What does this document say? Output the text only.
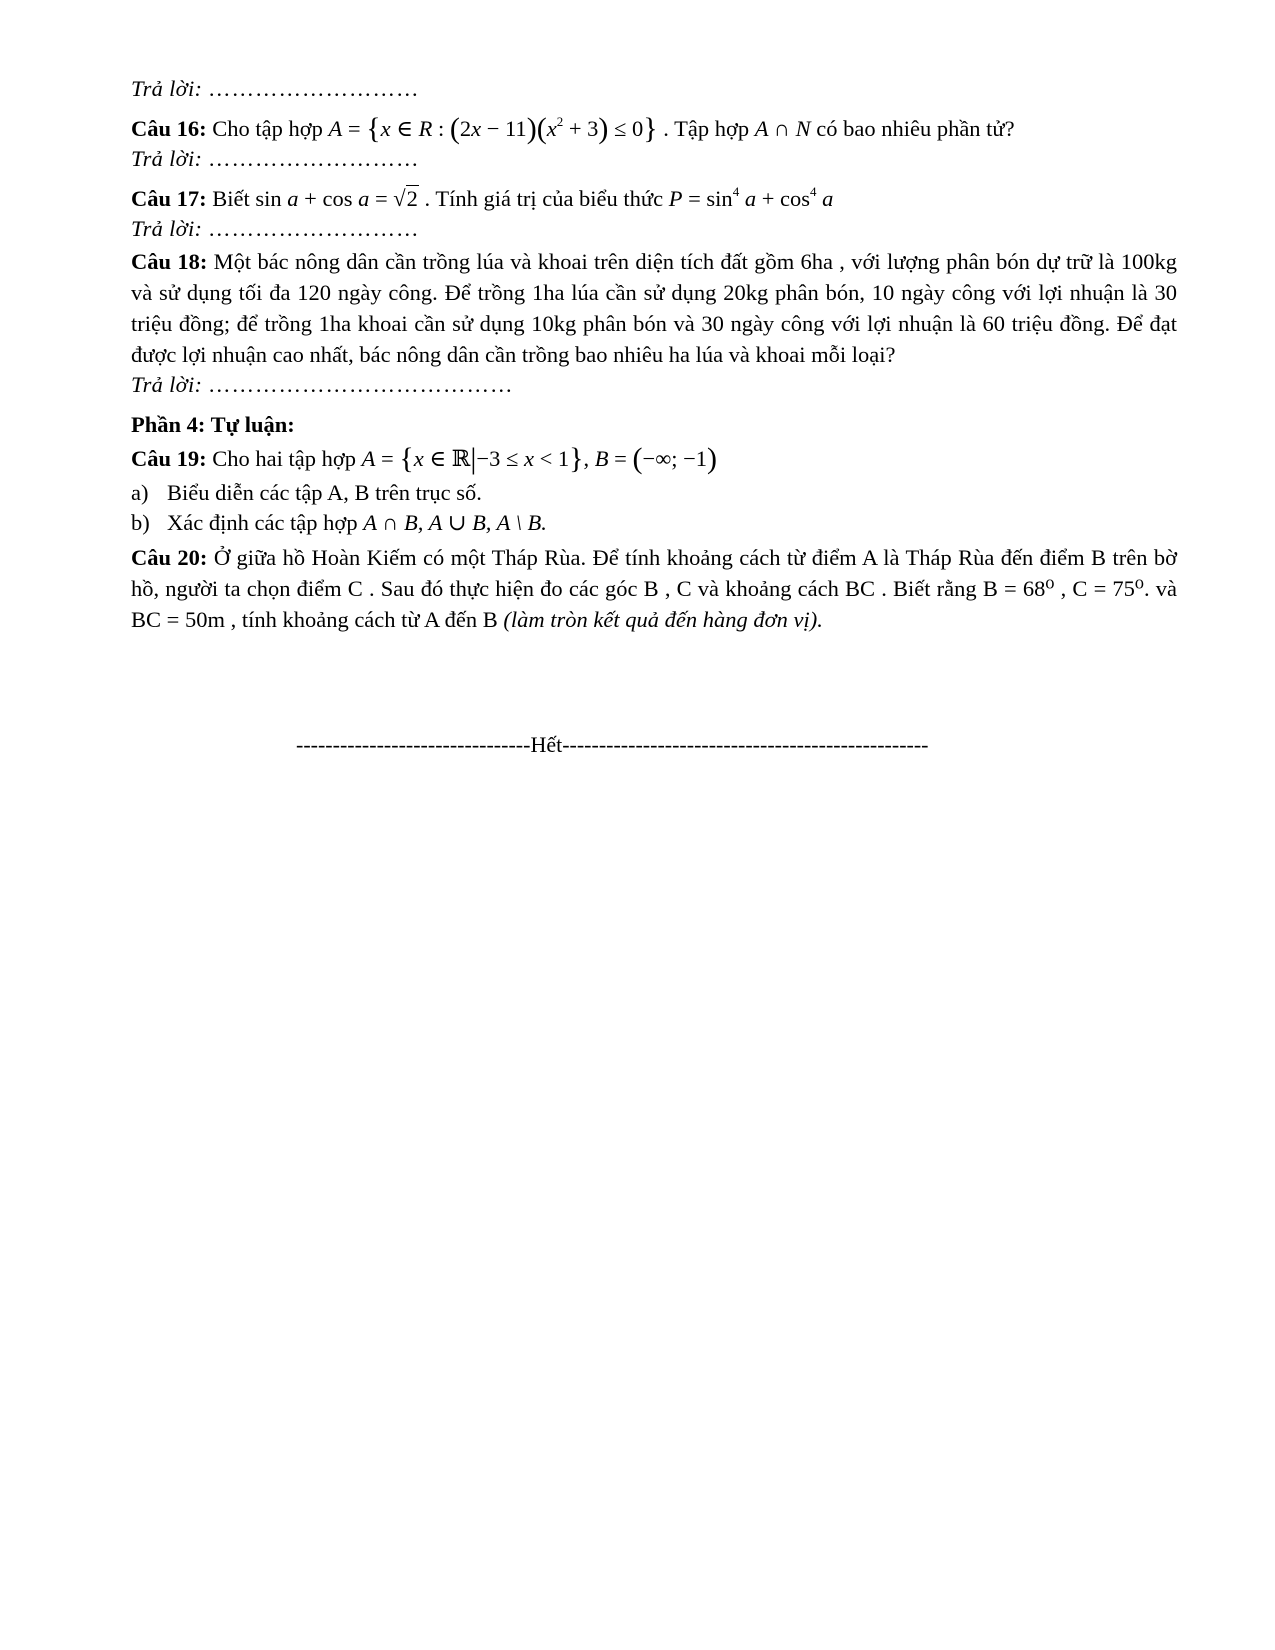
Trả lời: ………………………
Câu 16: Cho tập hợp A = {x ∈ R : $(2x - 11)(x^2 + 3) \le 0$} . Tập hợp A ∩ N có bao nhiêu phần tử?
Trả lời: ………………………
Câu 17: Biết sin a + cos a = √2 . Tính giá trị của biểu thức $P = \sin^4 a + \cos^4 a$
Trả lời: ………………………
Câu 18: Một bác nông dân cần trồng lúa và khoai trên diện tích đất gồm 6ha , với lượng phân bón dự trữ là 100kg và sử dụng tối đa 120 ngày công. Để trồng 1ha lúa cần sử dụng 20kg phân bón, 10 ngày công với lợi nhuận là 30 triệu đồng; để trồng 1ha khoai cần sử dụng 10kg phân bón và 30 ngày công với lợi nhuận là 60 triệu đồng. Để đạt được lợi nhuận cao nhất, bác nông dân cần trồng bao nhiêu ha lúa và khoai mỗi loại?
Trả lời: …………………………………
Phần 4: Tự luận:
Câu 19: Cho hai tập hợp A = {x ∈ ℝ|−3 ≤ x < 1}, B = (−∞; −1)
a) Biểu diễn các tập A, B trên trục số.
b) Xác định các tập hợp A ∩ B, A ∪ B, A \ B.
Câu 20: Ở giữa hồ Hoàn Kiếm có một Tháp Rùa. Để tính khoảng cách từ điểm A là Tháp Rùa đến điểm B trên bờ hồ, người ta chọn điểm C . Sau đó thực hiện đo các góc B , C và khoảng cách BC . Biết rằng B = 68⁰ , C = 75⁰. và BC = 50m , tính khoảng cách từ A đến B (làm tròn kết quả đến hàng đơn vị).
--------------------------------Hết--------------------------------------------------
